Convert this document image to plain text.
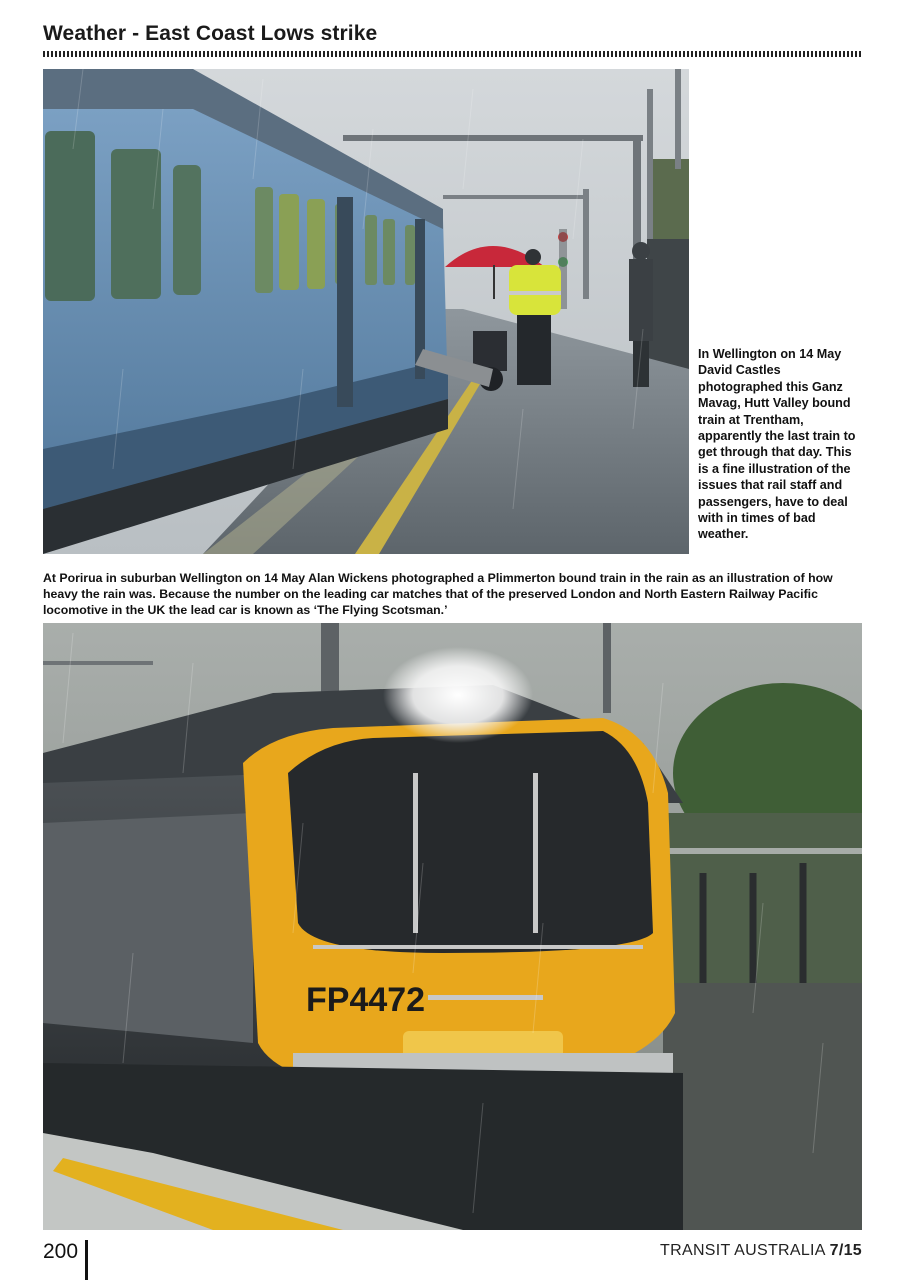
Weather - East Coast Lows strike
In Wellington on 14 May David Castles photographed this Ganz Mavag, Hutt Valley bound train at Trentham, apparently the last train to get through that day. This is a fine illustration of the issues that rail staff and passengers, have to deal with in times of bad weather.
At Porirua in suburban Wellington on 14 May Alan Wickens photographed a Plimmerton bound train in the rain as an illustration of how heavy the rain was. Because the number on the leading car matches that of the preserved London and North Eastern Railway Pacific locomotive in the UK the lead car is known as ‘The Flying Scotsman.’
FP4472
200	TRANSIT AUSTRALIA 7/15
